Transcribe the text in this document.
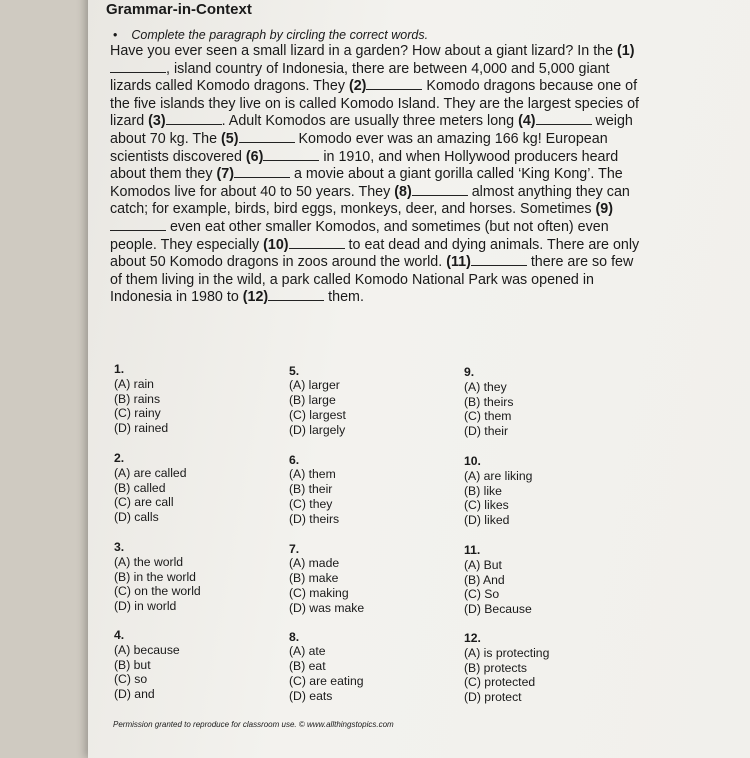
Grammar-in-Context
• Complete the paragraph by circling the correct words.
Have you ever seen a small lizard in a garden? How about a giant lizard? In the (1), island country of Indonesia, there are between 4,000 and 5,000 giant lizards called Komodo dragons. They (2)	Komodo dragons because one of the five islands they live on is called Komodo Island. They are the largest species of lizard (3)	. Adult Komodos are usually three meters long (4)	weigh about 70 kg. The (5)	Komodo ever was an amazing 166 kg! European scientists discovered (6)	in 1910, and when Hollywood producers heard about them they (7)	a movie about a giant gorilla called ‘King Kong’. The Komodos live for about 40 to 50 years. They (8)	almost anything they can catch; for example, birds, bird eggs, monkeys, deer, and horses. Sometimes (9) even eat other smaller Komodos, and sometimes (but not often) even people. They especially (10)	to eat dead and dying animals. There are only about 50 Komodo dragons in zoos around the world. (11)	there are so few of them living in the wild, a park called Komodo National Park was opened in Indonesia in 1980 to (12)	them.
1.
(A) rain
(B) rains
(C) rainy
(D) rained
2.
(A) are called
(B) called
(C) are call
(D) calls
3.
(A) the world
(B) in the world
(C) on the world
(D) in world
4.
(A) because
(B) but
(C) so
(D) and
5.
(A) larger
(B) large
(C) largest
(D) largely
6.
(A) them
(B) their
(C) they
(D) theirs
7.
(A) made
(B) make
(C) making
(D) was make
8.
(A) ate
(B) eat
(C) are eating
(D) eats
9.
(A) they
(B) theirs
(C) them
(D) their
10.
(A) are liking
(B) like
(C) likes
(D) liked
11.
(A) But
(B) And
(C) So
(D) Because
12.
(A) is protecting
(B) protects
(C) protected
(D) protect
Permission granted to reproduce for classroom use. © www.allthingstopics.com
